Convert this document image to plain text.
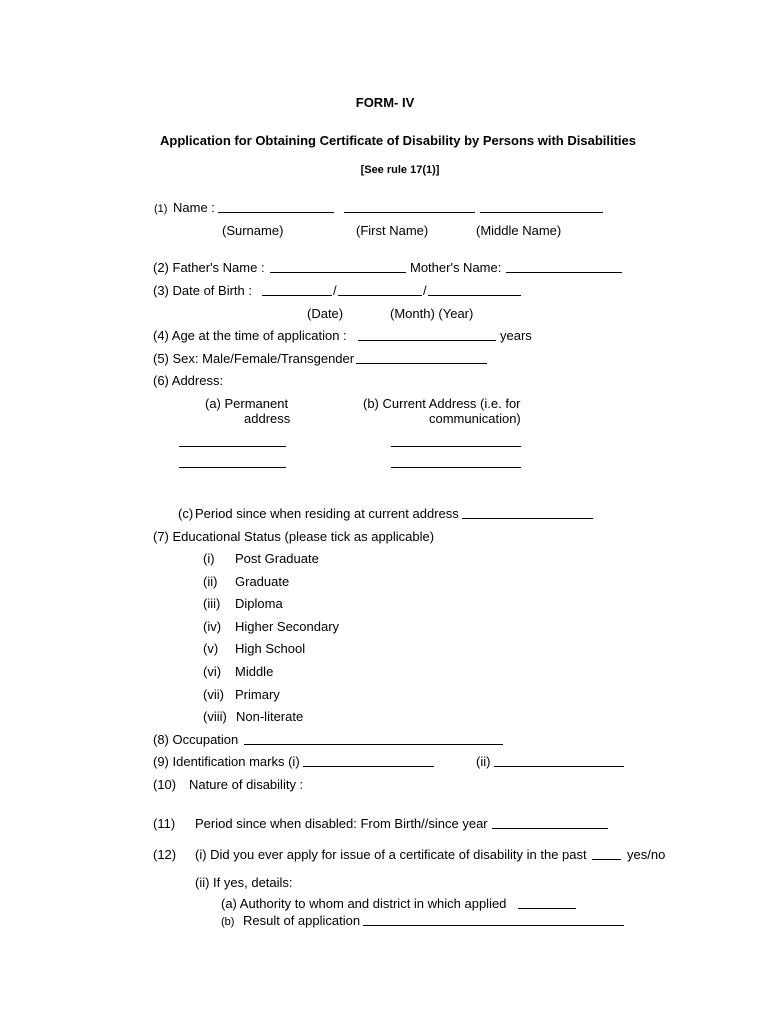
FORM- IV
Application for Obtaining Certificate of Disability by Persons with Disabilities
[See rule 17(1)]
(1) Name :
(Surname)	(First Name)	(Middle Name)
(2) Father's Name :	Mother's Name:
(3) Date of Birth :	/	/
(Date)	(Month) (Year)
(4) Age at the time of application :	years
(5) Sex: Male/Female/Transgender
(6) Address:
(a) Permanent
address
(b) Current Address (i.e. for
communication)
(c) Period since when residing at current address
(7) Educational Status (please tick as applicable)
(i) Post Graduate
(ii) Graduate
(iii) Diploma
(iv) Higher Secondary
(v) High School
(vi) Middle
(vii) Primary
(viii) Non-literate
(8) Occupation
(9) Identification marks (i)	(ii)
(10) Nature of disability :
(11) Period since when disabled: From Birth//since year
(12) (i) Did you ever apply for issue of a certificate of disability in the past	yes/no
(ii) If yes, details:
(a) Authority to whom and district in which applied
(b) Result of application
